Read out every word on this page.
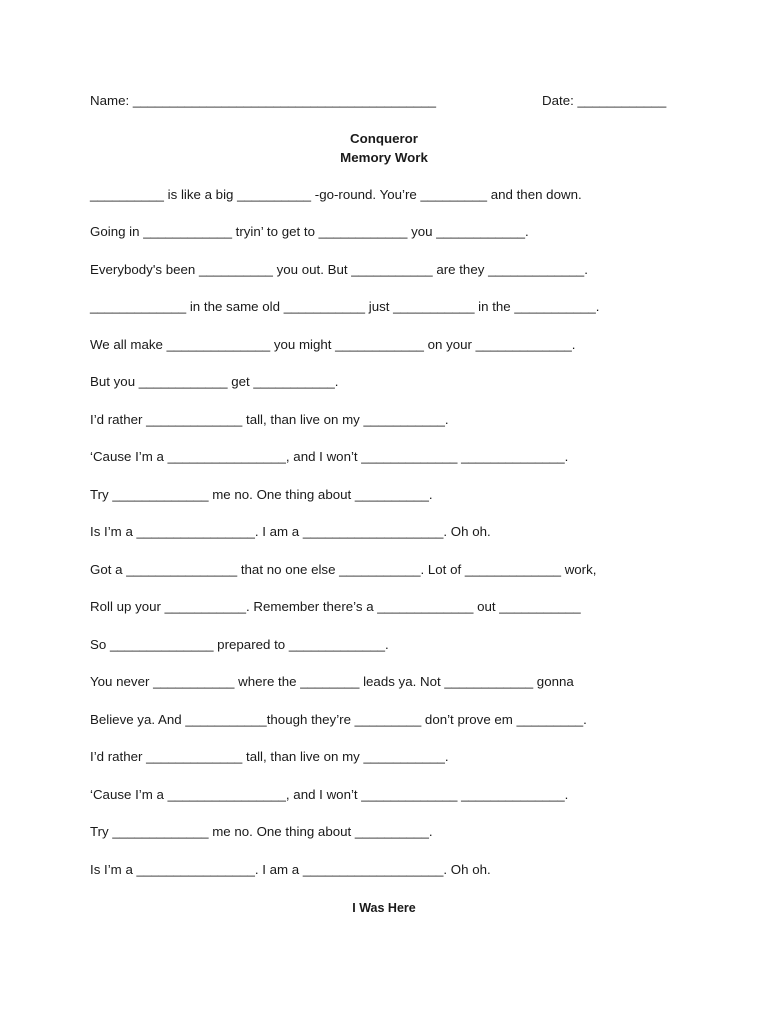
Name: _________________________________________	Date: ____________
Conqueror
Memory Work
__________ is like a big __________ -go-round. You’re _________ and then down.
Going in ____________ tryin’ to get to ____________ you ____________.
Everybody's been __________ you out. But ___________ are they _____________.
_____________ in the same old ___________ just ___________ in the ___________.
We all make ______________ you might ____________ on your _____________.
But you ____________ get ___________.
I’d rather _____________ tall, than live on my ___________.
‘Cause I’m a ________________, and I won’t _____________ ______________.
Try _____________ me no. One thing about __________.
Is I’m a ________________. I am a ___________________. Oh oh.
Got a _______________ that no one else ___________. Lot of _____________ work,
Roll up your ___________. Remember there’s a _____________ out ___________
So ______________ prepared to _____________.
You never ___________ where the ________ leads ya. Not ____________ gonna
Believe ya. And ___________though they’re _________ don’t prove em _________.
I’d rather _____________ tall, than live on my ___________.
‘Cause I’m a ________________, and I won’t _____________ ______________.
Try _____________ me no. One thing about __________.
Is I’m a ________________. I am a ___________________. Oh oh.
I Was Here
